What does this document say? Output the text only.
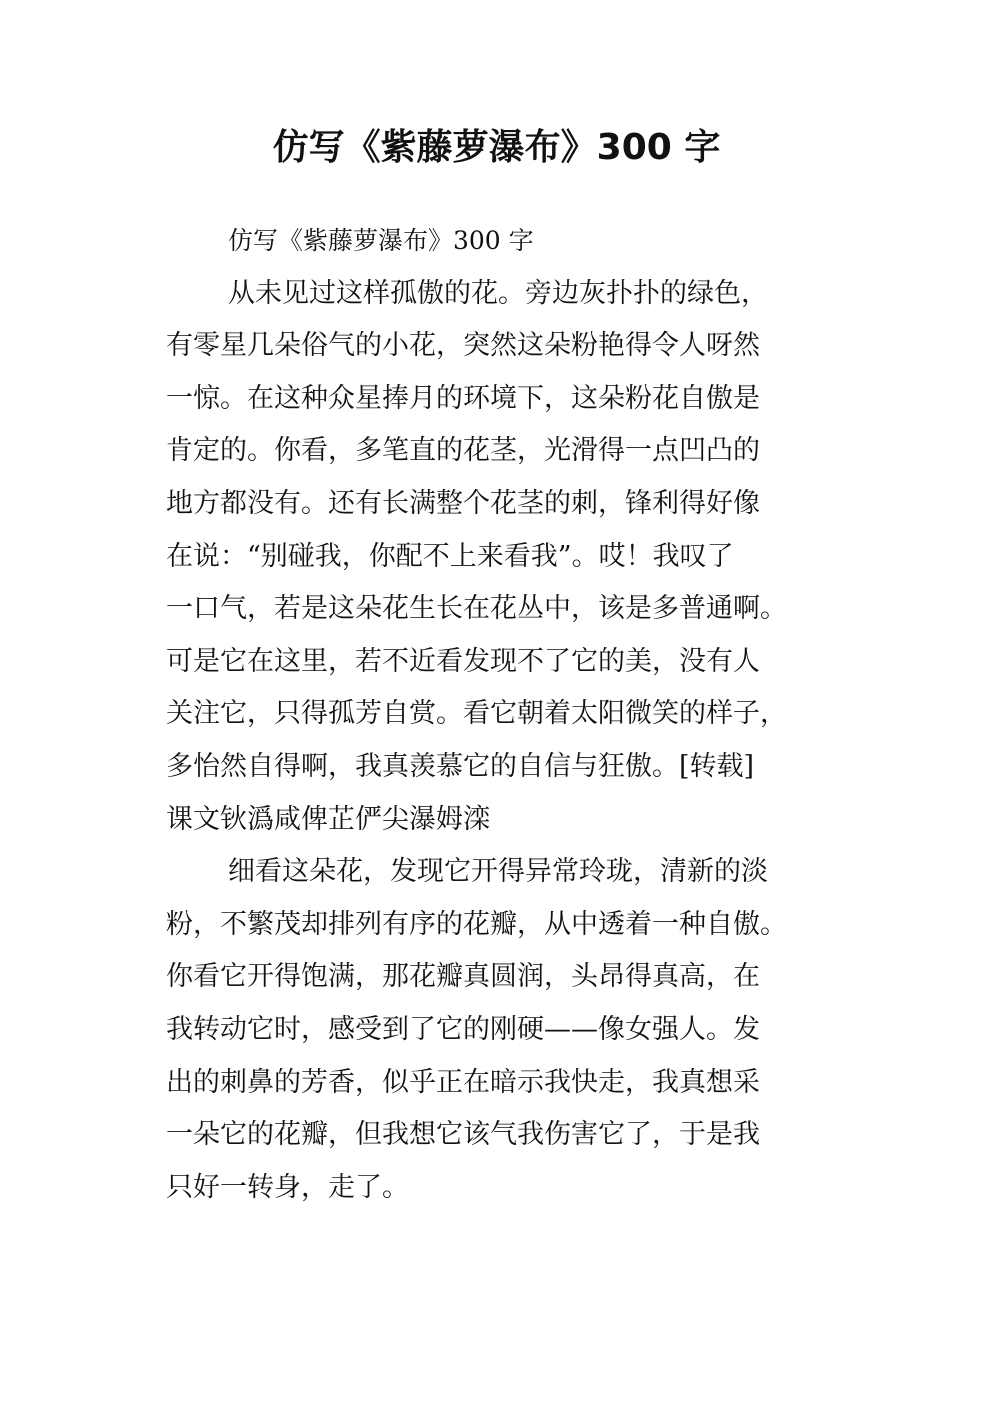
仿写《紫藤萝瀑布》300 字
仿写《紫藤萝瀑布》300 字
从未见过这样孤傲的花。旁边灰扑扑的绿色，
有零星几朵俗气的小花，突然这朵粉艳得令人呀然
一惊。在这种众星捧月的环境下，这朵粉花自傲是
肯定的。你看，多笔直的花茎，光滑得一点凹凸的
地方都没有。还有长满整个花茎的刺，锋利得好像
在说：“别碰我，你配不上来看我”。哎！我叹了
一口气，若是这朵花生长在花丛中，该是多普通啊。
可是它在这里，若不近看发现不了它的美，没有人
关注它，只得孤芳自赏。看它朝着太阳微笑的样子，
多怡然自得啊，我真羡慕它的自信与狂傲。[转载]
课文钬潙咸俾芷俨尖瀑姆滦
细看这朵花，发现它开得异常玲珑，清新的淡
粉，不繁茂却排列有序的花瓣，从中透着一种自傲。
你看它开得饱满，那花瓣真圆润，头昂得真高，在
我转动它时，感受到了它的刚硬——像女强人。发
出的刺鼻的芳香，似乎正在暗示我快走，我真想采
一朵它的花瓣，但我想它该气我伤害它了，于是我
只好一转身，走了。
